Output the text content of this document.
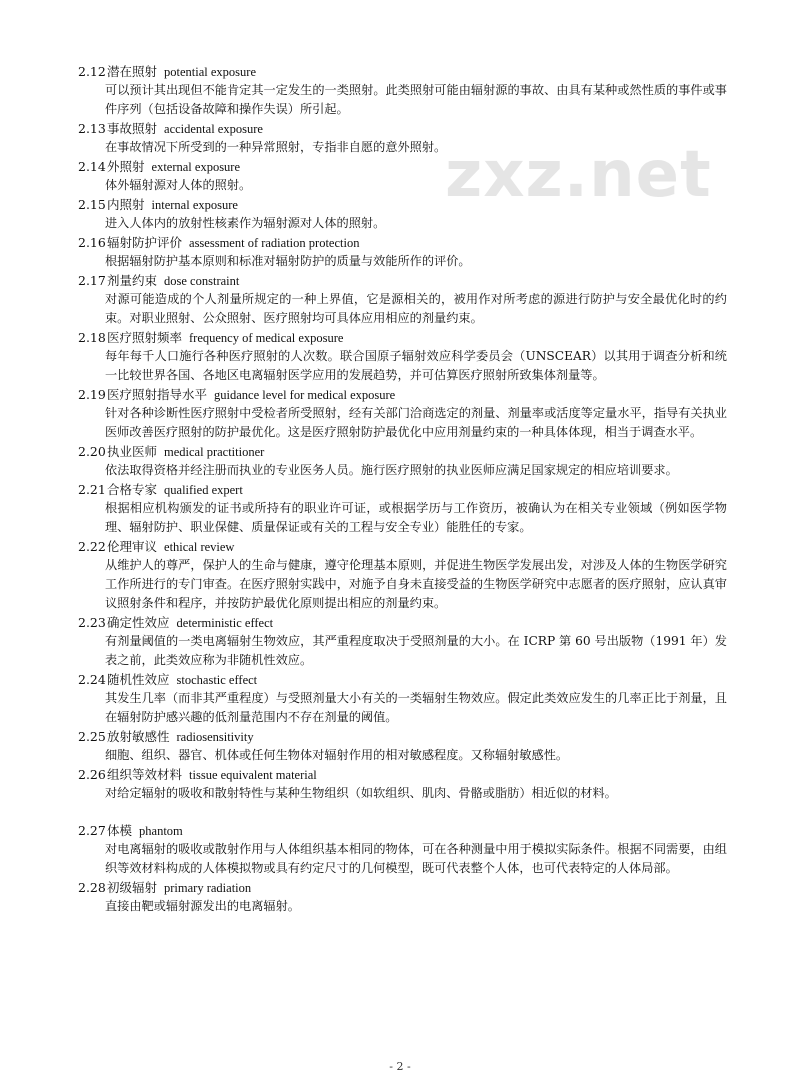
zxz.net
2.12 潜在照射 potential exposure
可以预计其出现但不能肯定其一定发生的一类照射。此类照射可能由辐射源的事故、由具有某种或然性质的事件或事件序列（包括设备故障和操作失误）所引起。
2.13 事故照射 accidental exposure
在事故情况下所受到的一种异常照射，专指非自愿的意外照射。
2.14 外照射 external exposure
体外辐射源对人体的照射。
2.15 内照射 internal exposure
进入人体内的放射性核素作为辐射源对人体的照射。
2.16 辐射防护评价 assessment of radiation protection
根据辐射防护基本原则和标准对辐射防护的质量与效能所作的评价。
2.17 剂量约束 dose constraint
对源可能造成的个人剂量所规定的一种上界值，它是源相关的，被用作对所考虑的源进行防护与安全最优化时的约束。对职业照射、公众照射、医疗照射均可具体应用相应的剂量约束。
2.18 医疗照射频率 frequency of medical exposure
每年每千人口施行各种医疗照射的人次数。联合国原子辐射效应科学委员会（UNSCEAR）以其用于调查分析和统一比较世界各国、各地区电离辐射医学应用的发展趋势，并可估算医疗照射所致集体剂量等。
2.19 医疗照射指导水平 guidance level for medical exposure
针对各种诊断性医疗照射中受检者所受照射，经有关部门洽商选定的剂量、剂量率或活度等定量水平，指导有关执业医师改善医疗照射的防护最优化。这是医疗照射防护最优化中应用剂量约束的一种具体体现，相当于调查水平。
2.20 执业医师 medical practitioner
依法取得资格并经注册而执业的专业医务人员。施行医疗照射的执业医师应满足国家规定的相应培训要求。
2.21 合格专家 qualified expert
根据相应机构颁发的证书或所持有的职业许可证，或根据学历与工作资历，被确认为在相关专业领域（例如医学物理、辐射防护、职业保健、质量保证或有关的工程与安全专业）能胜任的专家。
2.22 伦理审议 ethical review
从维护人的尊严，保护人的生命与健康，遵守伦理基本原则，并促进生物医学发展出发，对涉及人体的生物医学研究工作所进行的专门审查。在医疗照射实践中，对施予自身未直接受益的生物医学研究中志愿者的医疗照射，应认真审议照射条件和程序，并按防护最优化原则提出相应的剂量约束。
2.23 确定性效应 deterministic effect
有剂量阈值的一类电离辐射生物效应，其严重程度取决于受照剂量的大小。在 ICRP 第 60 号出版物（1991 年）发表之前，此类效应称为非随机性效应。
2.24 随机性效应 stochastic effect
其发生几率（而非其严重程度）与受照剂量大小有关的一类辐射生物效应。假定此类效应发生的几率正比于剂量，且在辐射防护感兴趣的低剂量范围内不存在剂量的阈值。
2.25 放射敏感性 radiosensitivity
细胞、组织、器官、机体或任何生物体对辐射作用的相对敏感程度。又称辐射敏感性。
2.26 组织等效材料 tissue equivalent material
对给定辐射的吸收和散射特性与某种生物组织（如软组织、肌肉、骨骼或脂肪）相近似的材料。
2.27 体模 phantom
对电离辐射的吸收或散射作用与人体组织基本相同的物体，可在各种测量中用于模拟实际条件。根据不同需要，由组织等效材料构成的人体模拟物或具有约定尺寸的几何模型，既可代表整个人体，也可代表特定的人体局部。
2.28 初级辐射 primary radiation
直接由靶或辐射源发出的电离辐射。
- 2 -
